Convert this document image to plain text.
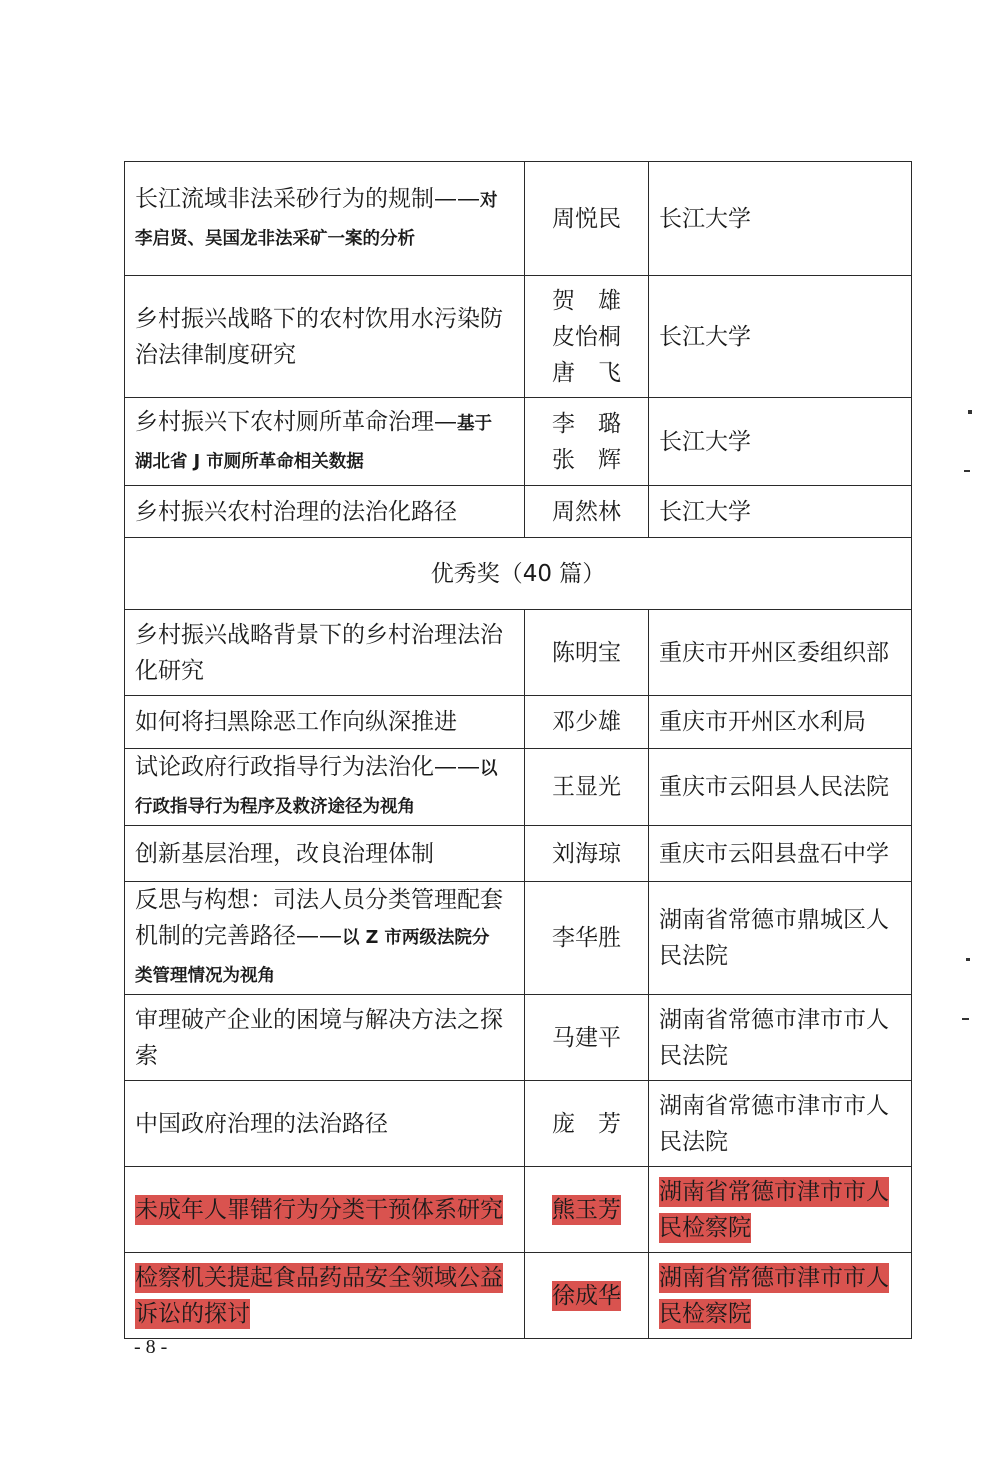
长江流域非法采砂行为的规制——对
李启贤、吴国龙非法采矿一案的分析	周悦民	长江大学
乡村振兴战略下的农村饮用水污染防治法律制度研究	贺　雄
皮怡桐
唐　飞	长江大学
乡村振兴下农村厕所革命治理—基于
湖北省 J 市厕所革命相关数据	李　璐
张　辉	长江大学
乡村振兴农村治理的法治化路径	周然林	长江大学
优秀奖（40 篇）		
乡村振兴战略背景下的乡村治理法治化研究	陈明宝	重庆市开州区委组织部
如何将扫黑除恶工作向纵深推进	邓少雄	重庆市开州区水利局
试论政府行政指导行为法治化——以
行政指导行为程序及救济途径为视角	王显光	重庆市云阳县人民法院
创新基层治理，改良治理体制	刘海琼	重庆市云阳县盘石中学
反思与构想：司法人员分类管理配套机制的完善路径——以 Z 市两级法院分
类管理情况为视角	李华胜	湖南省常德市鼎城区人民法院
审理破产企业的困境与解决方法之探索	马建平	湖南省常德市津市市人民法院
中国政府治理的法治路径	庞　芳	湖南省常德市津市市人民法院
未成年人罪错行为分类干预体系研究	熊玉芳	湖南省常德市津市市人民检察院
检察机关提起食品药品安全领域公益诉讼的探讨	徐成华	湖南省常德市津市市人民检察院
- 8 -
